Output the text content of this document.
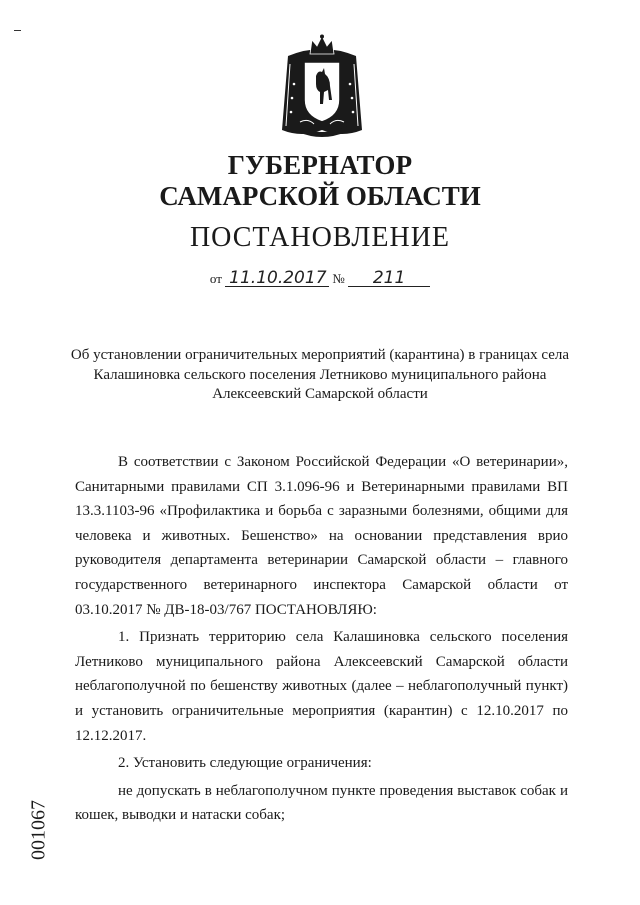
ГУБЕРНАТОР
САМАРСКОЙ ОБЛАСТИ
ПОСТАНОВЛЕНИЕ
от 11.10.2017 № 211
Об установлении ограничительных мероприятий (карантина) в границах села Калашиновка сельского поселения Летниково муниципального района Алексеевский Самарской области

В соответствии с Законом Российской Федерации «О ветеринарии», Санитарными правилами СП 3.1.096-96 и Ветеринарными правилами ВП 13.3.1103-96 «Профилактика и борьба с заразными болезнями, общими для человека и животных. Бешенство» на основании представления врио руководителя департамента ветеринарии Самарской области – главного государственного ветеринарного инспектора Самарской области от 03.10.2017 № ДВ-18-03/767 ПОСТАНОВЛЯЮ:

1. Признать территорию села Калашиновка сельского поселения Летниково муниципального района Алексеевский Самарской области неблагополучной по бешенству животных (далее – неблагополучный пункт) и установить ограничительные мероприятия (карантин) с 12.10.2017 по 12.12.2017.

2. Установить следующие ограничения:

не допускать в неблагополучном пункте проведения выставок собак и кошек, выводки и натаски собак;

001067
